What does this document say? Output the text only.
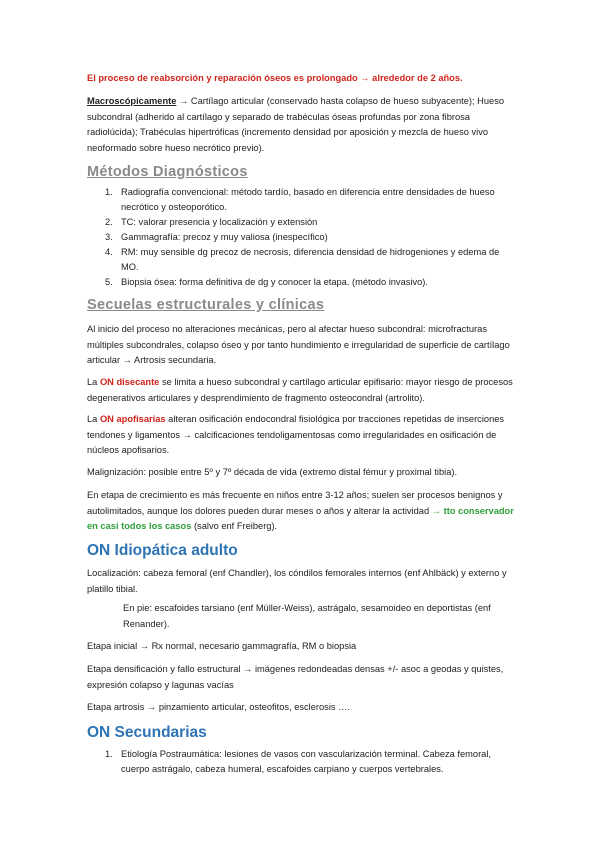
El proceso de reabsorción y reparación óseos es prolongado → alrededor de 2 años.

Macroscópicamente → Cartílago articular (conservado hasta colapso de hueso subyacente); Hueso subcondral (adherido al cartílago y separado de trabéculas óseas profundas por zona fibrosa radiolúcida); Trabéculas hipertróficas (incremento densidad por aposición y mezcla de hueso vivo neoformado sobre hueso necrótico previo).

Métodos Diagnósticos
1. Radiografía convencional: método tardío, basado en diferencia entre densidades de hueso necrótico y osteoporótico.
2. TC: valorar presencia y localización y extensión
3. Gammagrafía: precoz y muy valiosa (inespecífico)
4. RM: muy sensible dg precoz de necrosis, diferencia densidad de hidrogeniones y edema de MO.
5. Biopsia ósea: forma definitiva de dg y conocer la etapa. (método invasivo).
Secuelas estructurales y clínicas

Al inicio del proceso no alteraciones mecánicas, pero al afectar hueso subcondral: microfracturas múltiples subcondrales, colapso óseo y por tanto hundimiento e irregularidad de superficie de cartílago articular → Artrosis secundaria.

La ON disecante se limita a hueso subcondral y cartílago articular epifisario: mayor riesgo de procesos degenerativos articulares y desprendimiento de fragmento osteocondral (artrolito).

La ON apofisarias alteran osificación endocondral fisiológica por tracciones repetidas de inserciones tendones y ligamentos → calcificaciones tendoligamentosas como irregularidades en osificación de núcleos apofisarios.

Malignización: posible entre 5º y 7º década de vida (extremo distal fémur y proximal tibia).

En etapa de crecimiento es más frecuente en niños entre 3-12 años; suelen ser procesos benignos y autolimitados, aunque los dolores pueden durar meses o años y alterar la actividad → tto conservador en casi todos los casos (salvo enf Freiberg).

ON Idiopática adulto

Localización: cabeza femoral (enf Chandler), los cóndilos femorales internos (enf Ahlbäck) y externo y platillo tibial.

En pie: escafoides tarsiano (enf Müller-Weiss), astrágalo, sesamoideo en deportistas (enf Renander).

Etapa inicial → Rx normal, necesario gammagrafía, RM o biopsia

Etapa densificación y fallo estructural → imágenes redondeadas densas +/- asoc a geodas y quistes, expresión colapso y lagunas vacías

Etapa artrosis → pinzamiento articular, osteofitos, esclerosis ….

ON Secundarias
1. Etiología Postraumática: lesiones de vasos con vascularización terminal. Cabeza femoral, cuerpo astrágalo, cabeza humeral, escafoides carpiano y cuerpos vertebrales.
